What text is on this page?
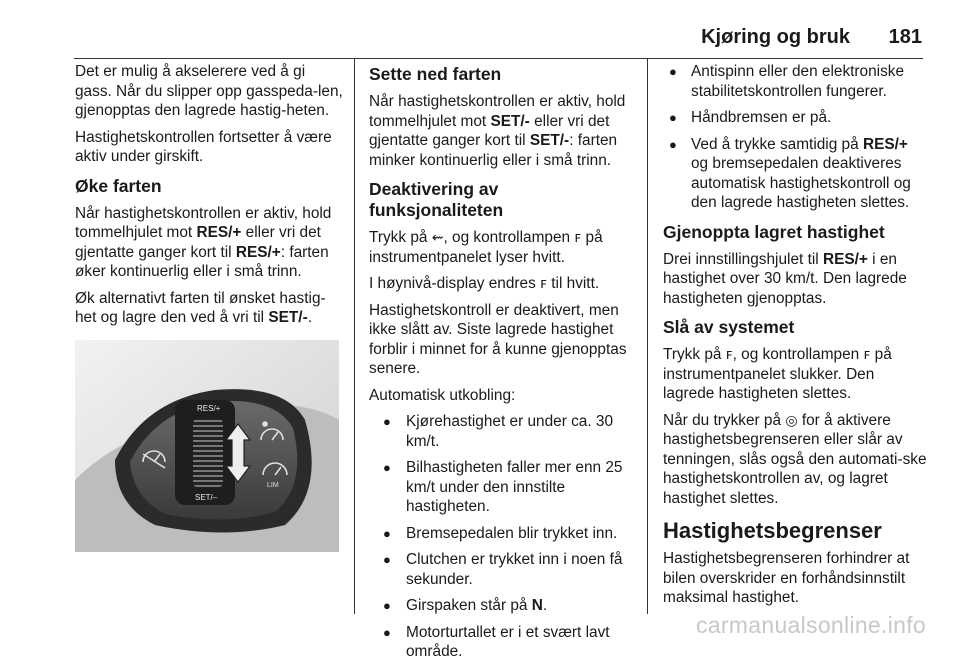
Kjøring og bruk 181

Det er mulig å akselerere ved å gi gass. Når du slipper opp gasspeda-len, gjenopptas den lagrede hastig-heten.

Hastighetskontrollen fortsetter å være aktiv under girskift.

Øke farten

Når hastighetskontrollen er aktiv, hold tommelhjulet mot RES/+ eller vri det gjentatte ganger kort til RES/+: farten øker kontinuerlig eller i små trinn.

Øk alternativt farten til ønsket hastig-het og lagre den ved å vri til SET/-.

RES/+
SET/–
LIM
Sette ned farten

Når hastighetskontrollen er aktiv, hold tommelhjulet mot SET/- eller vri det gjentatte ganger kort til SET/-: farten minker kontinuerlig eller i små trinn.

Deaktivering av funksjonaliteten

Trykk på ⇜, og kontrollampen ꜰ på instrumentpanelet lyser hvitt.

I høynivå-display endres ꜰ til hvitt.

Hastighetskontroll er deaktivert, men ikke slått av. Siste lagrede hastighet forblir i minnet for å kunne gjenopptas senere.

Automatisk utkobling:

● Kjørehastighet er under ca. 30 km/t.
● Bilhastigheten faller mer enn 25 km/t under den innstilte hastigheten.
● Bremsepedalen blir trykket inn.
● Clutchen er trykket inn i noen få sekunder.
● Girspaken står på N.
● Motorturtallet er i et svært lavt område.
● Antispinn eller den elektroniske stabilitetskontrollen fungerer.
● Håndbremsen er på.
● Ved å trykke samtidig på RES/+ og bremsepedalen deaktiveres automatisk hastighetskontroll og den lagrede hastigheten slettes.
Gjenoppta lagret hastighet

Drei innstillingshjulet til RES/+ i en hastighet over 30 km/t. Den lagrede hastigheten gjenopptas.

Slå av systemet

Trykk på ꜰ, og kontrollampen ꜰ på instrumentpanelet slukker. Den lagrede hastigheten slettes.

Når du trykker på ◎ for å aktivere hastighetsbegrenseren eller slår av tenningen, slås også den automati-ske hastighetskontrollen av, og lagret hastighet slettes.

Hastighetsbegrenser

Hastighetsbegrenseren forhindrer at bilen overskrider en forhåndsinnstilt maksimal hastighet.

carmanualsonline.info
